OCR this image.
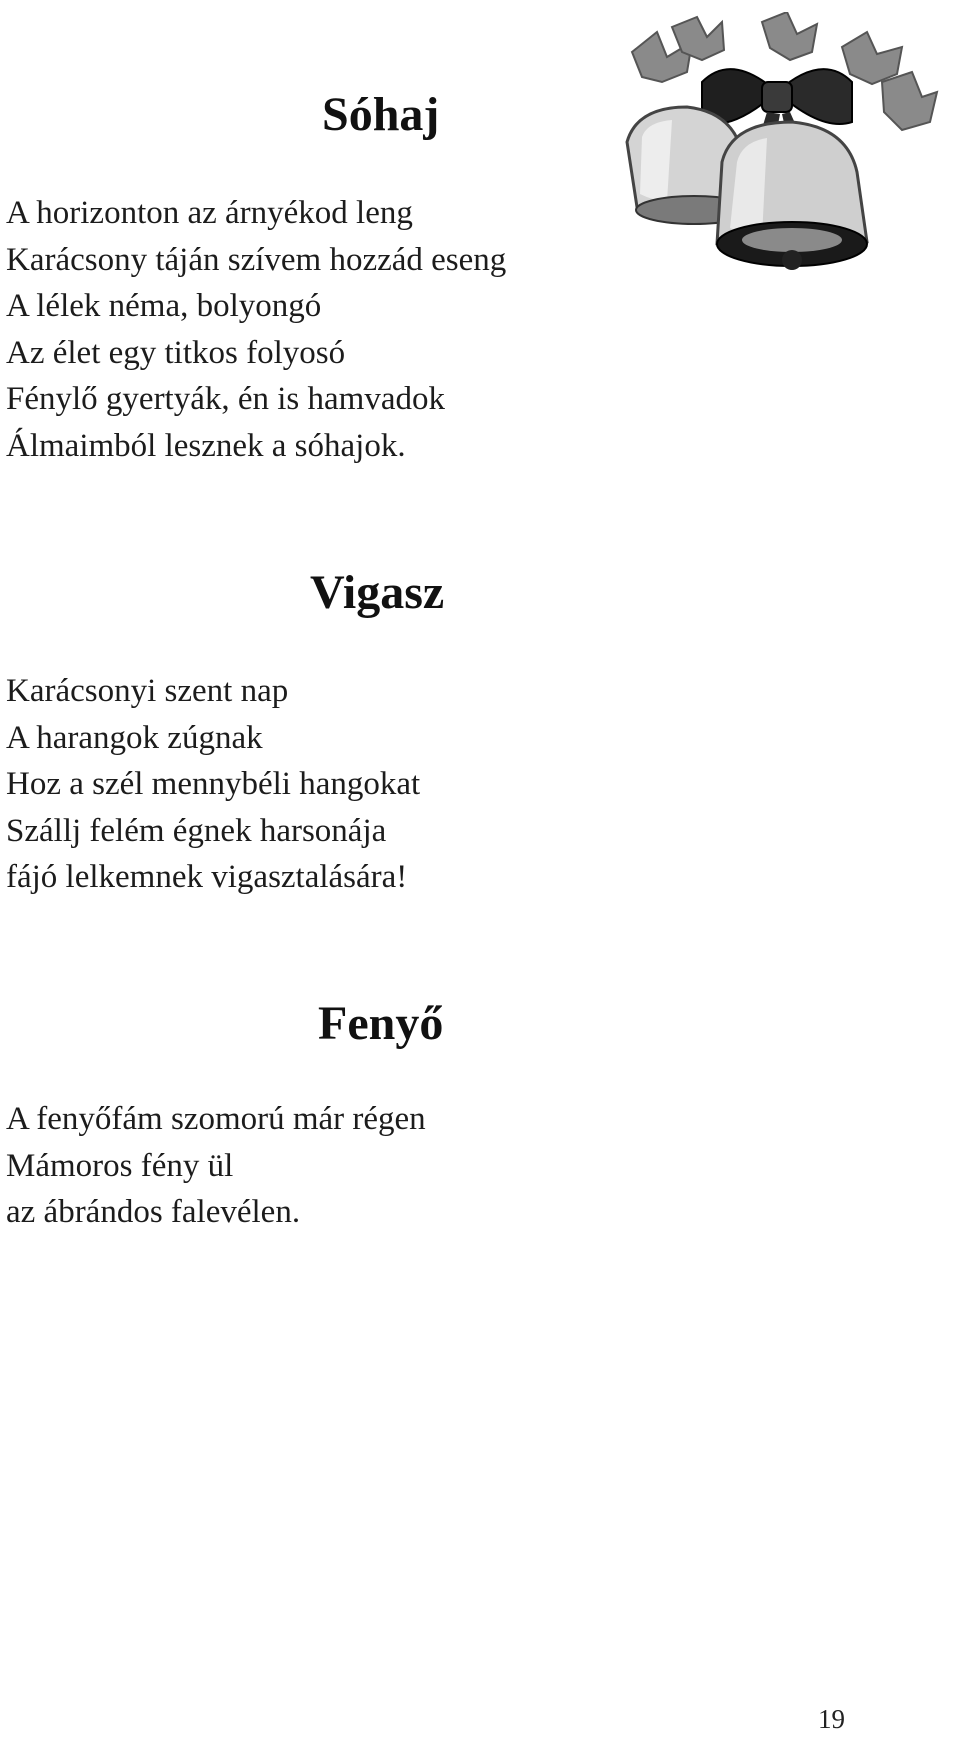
Sóhaj
A horizonton az árnyékod leng
Karácsony táján szívem hozzád eseng
A lélek néma, bolyongó
Az élet egy titkos folyosó
Fénylő gyertyák, én is hamvadok
Álmaimból lesznek a sóhajok.
Vigasz
Karácsonyi szent nap
A harangok zúgnak
Hoz a szél mennybéli hangokat
Szállj felém égnek harsonája
fájó lelkemnek vigasztalására!
Fenyő
A fenyőfám szomorú már régen
Mámoros fény ül
az ábrándos falevélen.
19
